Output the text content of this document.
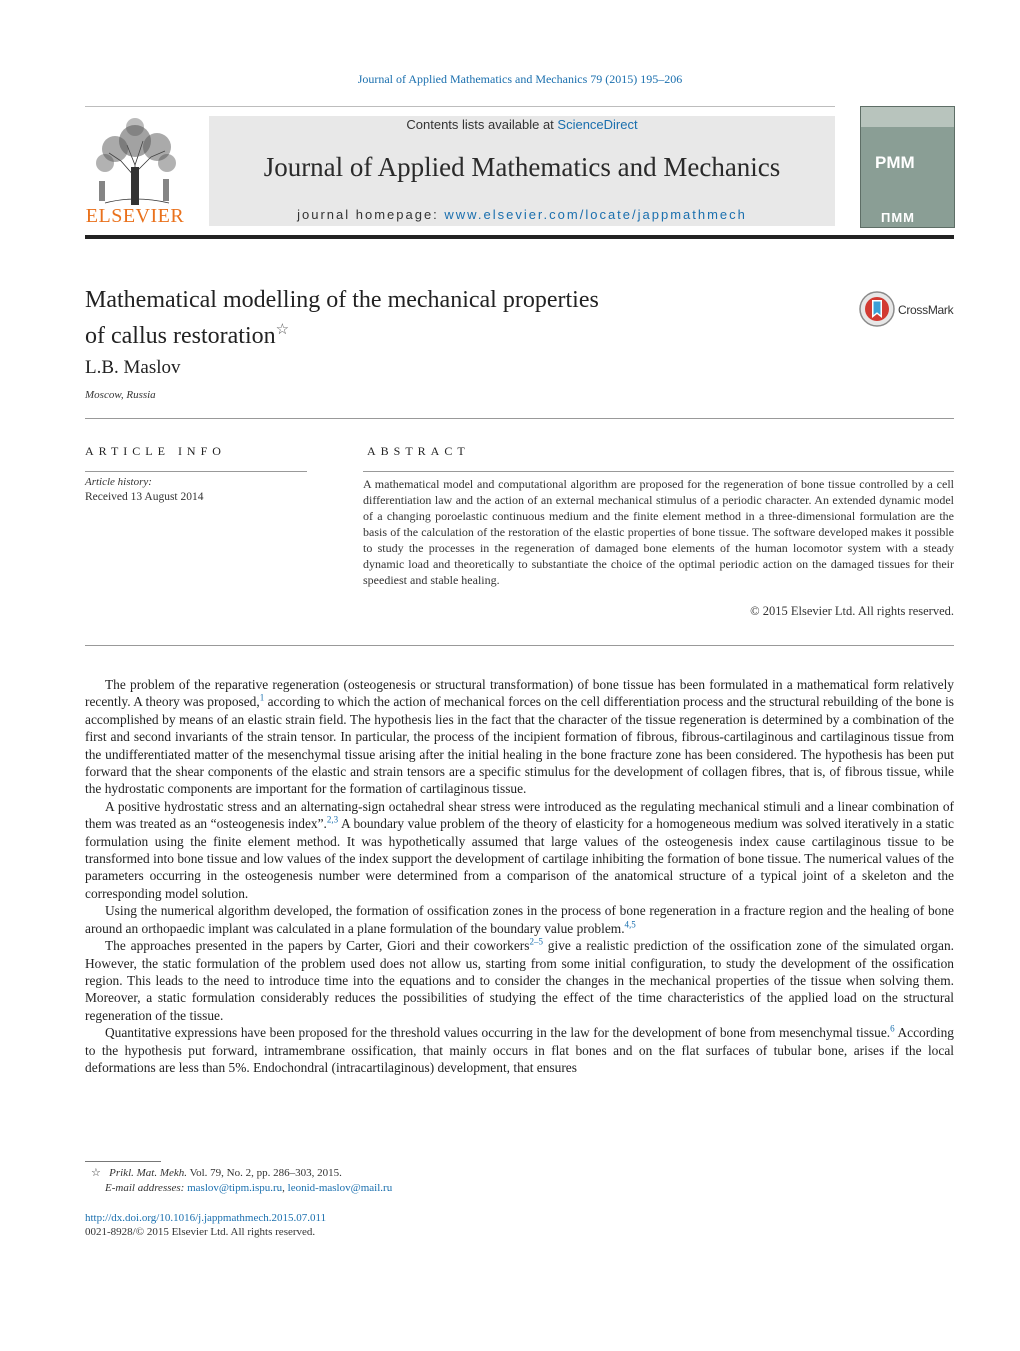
Journal of Applied Mathematics and Mechanics 79 (2015) 195–206
ELSEVIER
Contents lists available at ScienceDirect
Journal of Applied Mathematics and Mechanics
journal homepage: www.elsevier.com/locate/jappmathmech
PMM
ПММ
Mathematical modelling of the mechanical properties
of callus restoration☆
CrossMark
L.B. Maslov
Moscow, Russia
ARTICLE INFO
Article history:
Received 13 August 2014
ABSTRACT

A mathematical model and computational algorithm are proposed for the regeneration of bone tissue controlled by a cell differentiation law and the action of an external mechanical stimulus of a periodic character. An extended dynamic model of a changing poroelastic continuous medium and the finite element method in a three-dimensional formulation are the basis of the calculation of the restoration of the elastic properties of bone tissue. The software developed makes it possible to study the processes in the regeneration of damaged bone elements of the human locomotor system with a steady dynamic load and theoretically to substantiate the choice of the optimal periodic action on the damaged tissues for their speediest and stable healing.

© 2015 Elsevier Ltd. All rights reserved.

The problem of the reparative regeneration (osteogenesis or structural transformation) of bone tissue has been formulated in a mathematical form relatively recently. A theory was proposed,$^1$ according to which the action of mechanical forces on the cell differentiation process and the structural rebuilding of the bone is accomplished by means of an elastic strain field. The hypothesis lies in the fact that the character of the tissue regeneration is determined by a combination of the first and second invariants of the strain tensor. In particular, the process of the incipient formation of fibrous, fibrous-cartilaginous and cartilaginous tissue from the undifferentiated matter of the mesenchymal tissue arising after the initial healing in the bone fracture zone has been considered. The hypothesis has been put forward that the shear components of the elastic and strain tensors are a specific stimulus for the development of collagen fibres, that is, of fibrous tissue, while the hydrostatic components are important for the formation of cartilaginous tissue.

A positive hydrostatic stress and an alternating-sign octahedral shear stress were introduced as the regulating mechanical stimuli and a linear combination of them was treated as an “osteogenesis index”.$^{2,3}$ A boundary value problem of the theory of elasticity for a homogeneous medium was solved iteratively in a static formulation using the finite element method. It was hypothetically assumed that large values of the osteogenesis index cause cartilaginous tissue to be transformed into bone tissue and low values of the index support the development of cartilage inhibiting the formation of bone tissue. The numerical values of the parameters occurring in the osteogenesis number were determined from a comparison of the anatomical structure of a typical joint of a skeleton and the corresponding model solution.

Using the numerical algorithm developed, the formation of ossification zones in the process of bone regeneration in a fracture region and the healing of bone around an orthopaedic implant was calculated in a plane formulation of the boundary value problem.$^{4,5}$

The approaches presented in the papers by Carter, Giori and their coworkers$^{2-5}$ give a realistic prediction of the ossification zone of the simulated organ. However, the static formulation of the problem used does not allow us, starting from some initial configuration, to study the development of the ossification region. This leads to the need to introduce time into the equations and to consider the changes in the mechanical properties of the tissue when solving them. Moreover, a static formulation considerably reduces the possibilities of studying the effect of the time characteristics of the applied load on the structural regeneration of the tissue.

Quantitative expressions have been proposed for the threshold values occurring in the law for the development of bone from mesenchymal tissue.$^6$ According to the hypothesis put forward, intramembrane ossification, that mainly occurs in flat bones and on the flat surfaces of tubular bone, arises if the local deformations are less than 5%. Endochondral (intracartilaginous) development, that ensures

☆ Prikl. Mat. Mekh. Vol. 79, No. 2, pp. 286–303, 2015.
E-mail addresses: maslov@tipm.ispu.ru, leonid-maslov@mail.ru
http://dx.doi.org/10.1016/j.jappmathmech.2015.07.011
0021-8928/© 2015 Elsevier Ltd. All rights reserved.
